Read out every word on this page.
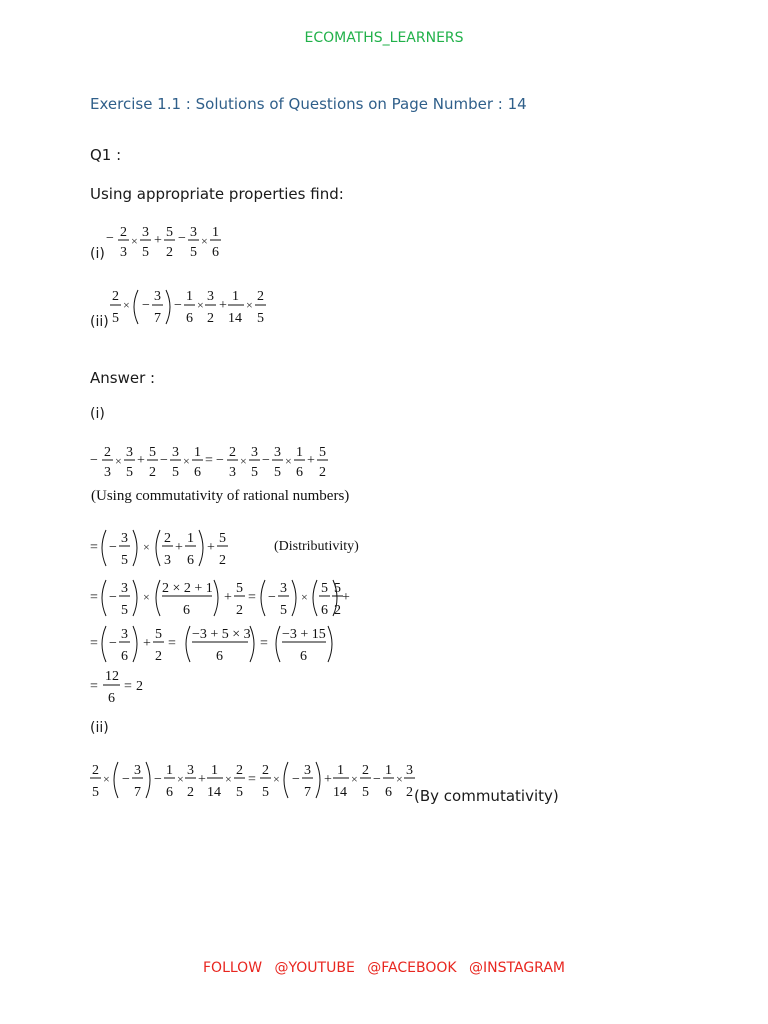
ECOMATHS_LEARNERS
Exercise 1.1 : Solutions of Questions on Page Number : 14
Q1 :
Using appropriate properties find:
(i)
− 2
3
×
3
5
+
5
2
− 3
5
×
1
6
(ii)
2
5
× −
3
7
−
1
6
×
3
2
+
1
14
×
2
5
Answer :
(i)
−
2
3
×
3
5
+
5
2
−
3
5
×
1
6
= −
2
3
×
3
5
−
3
5
×
1
6
+
5
2
(Using commutativity of rational numbers)
= −
3
5
×
2
3
+
1
6
+
5
2
(Distributivity)
= −
3
5
×
2 × 2 + 1
6
+
5
2
= −
3
5
×
5
6
+
5
2
= −
3
6
+
5
2
=
−3 + 5 × 3
6
=
−3 + 15
6
=
12
6
= 2
(ii)
2
5
× −
3
7
−
1
6
×
3
2
+
1
14
×
2
5
=
2
5
× −
3
7
+
1
14
×
2
5
−
1
6
×
3
2 (By commutativity)
FOLLOW @YOUTUBE @FACEBOOK @INSTAGRAM
